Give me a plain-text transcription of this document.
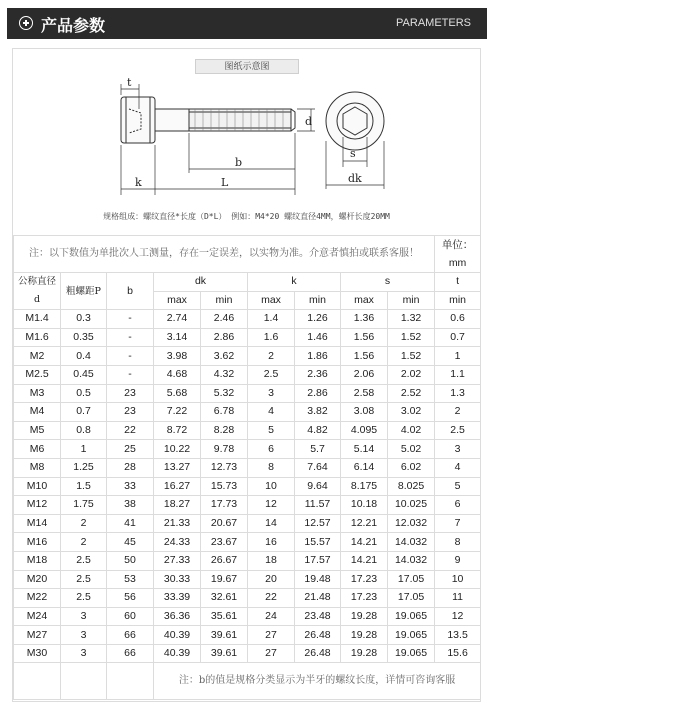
产品参数	PARAMETERS
图纸示意图
t
k	L
b
d
s
dk
规格组成：螺纹直径*长度（D*L） 例如：M4*20 螺纹直径4MM，螺杆长度20MM
注：以下数值为单批次人工测量，存在一定误差，以实物为准。介意者慎拍或联系客服！									单位：
mm
公称直径
d	粗螺距P	b	dk		k		s		t
			max	min	max	min	max	min	min
M1.4	0.3	-	2.74	2.46	1.4	1.26	1.36	1.32	0.6
M1.6	0.35	-	3.14	2.86	1.6	1.46	1.56	1.52	0.7
M2	0.4	-	3.98	3.62	2	1.86	1.56	1.52	1
M2.5	0.45	-	4.68	4.32	2.5	2.36	2.06	2.02	1.1
M3	0.5	23	5.68	5.32	3	2.86	2.58	2.52	1.3
M4	0.7	23	7.22	6.78	4	3.82	3.08	3.02	2
M5	0.8	22	8.72	8.28	5	4.82	4.095	4.02	2.5
M6	1	25	10.22	9.78	6	5.7	5.14	5.02	3
M8	1.25	28	13.27	12.73	8	7.64	6.14	6.02	4
M10	1.5	33	16.27	15.73	10	9.64	8.175	8.025	5
M12	1.75	38	18.27	17.73	12	11.57	10.18	10.025	6
M14	2	41	21.33	20.67	14	12.57	12.21	12.032	7
M16	2	45	24.33	23.67	16	15.57	14.21	14.032	8
M18	2.5	50	27.33	26.67	18	17.57	14.21	14.032	9
M20	2.5	53	30.33	19.67	20	19.48	17.23	17.05	10
M22	2.5	56	33.39	32.61	22	21.48	17.23	17.05	11
M24	3	60	36.36	35.61	24	23.48	19.28	19.065	12
M27	3	66	40.39	39.61	27	26.48	19.28	19.065	13.5
M30	3	66	40.39	39.61	27	26.48	19.28	19.065	15.6
			注：b的值是规格分类显示为半牙的螺纹长度，详情可咨询客服						
